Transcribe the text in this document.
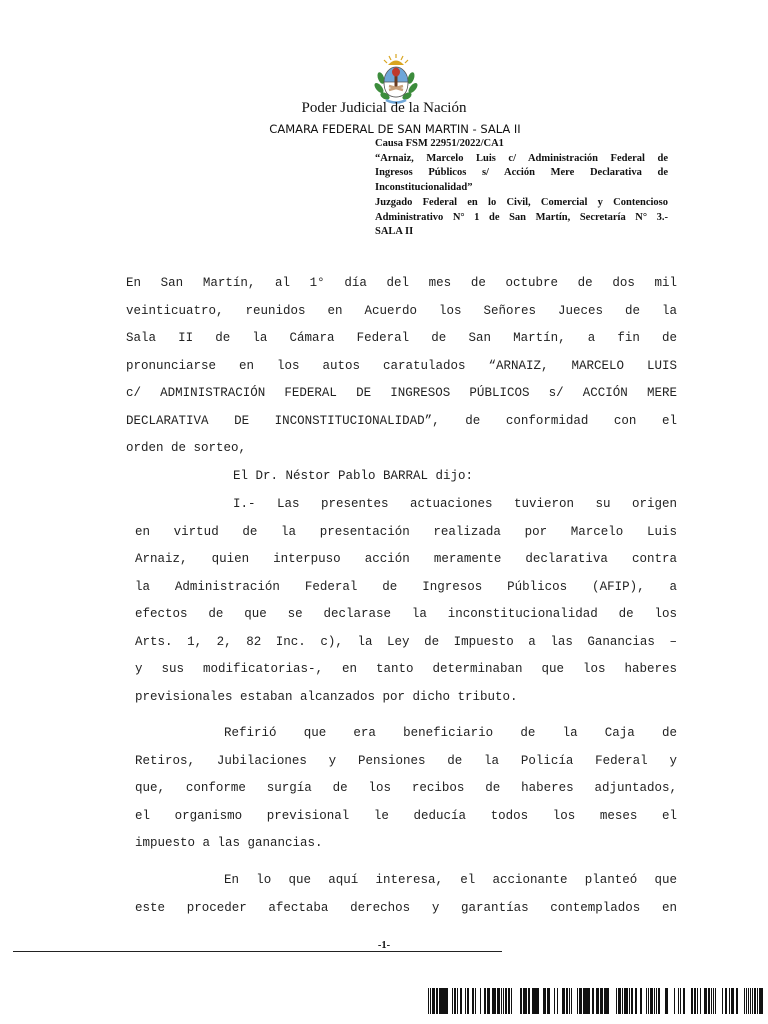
Poder Judicial de la Nación
CAMARA FEDERAL DE SAN MARTIN - SALA II
Causa FSM 22951/2022/CA1
“Arnaiz, Marcelo Luis c/ Administración Federal de
Ingresos Públicos s/ Acción Mere Declarativa de
Inconstitucionalidad”
Juzgado Federal en lo Civil, Comercial y Contencioso
Administrativo N° 1 de San Martín, Secretaría N° 3.-
SALA II
En San Martín, al 1° día del mes de octubre de dos mil
veinticuatro, reunidos en Acuerdo los Señores Jueces de la
Sala II de la Cámara Federal de San Martín, a fin de
pronunciarse en los autos caratulados “ARNAIZ, MARCELO LUIS
c/ ADMINISTRACIÓN FEDERAL DE INGRESOS PÚBLICOS s/ ACCIÓN MERE
DECLARATIVA DE INCONSTITUCIONALIDAD”, de conformidad con el
orden de sorteo,
El Dr. Néstor Pablo BARRAL dijo:
I.- Las presentes actuaciones tuvieron su origen
en virtud de la presentación realizada por Marcelo Luis
Arnaiz, quien interpuso acción meramente declarativa contra
la Administración Federal de Ingresos Públicos (AFIP), a
efectos de que se declarase la inconstitucionalidad de los
Arts. 1, 2, 82 Inc. c), la Ley de Impuesto a las Ganancias –
y sus modificatorias-, en tanto determinaban que los haberes
previsionales estaban alcanzados por dicho tributo.
Refirió que era beneficiario de la Caja de
Retiros, Jubilaciones y Pensiones de la Policía Federal y
que, conforme surgía de los recibos de haberes adjuntados,
el organismo previsional le deducía todos los meses el
impuesto a las ganancias.
En lo que aquí interesa, el accionante planteó que
este proceder afectaba derechos y garantías contemplados en
-1-
